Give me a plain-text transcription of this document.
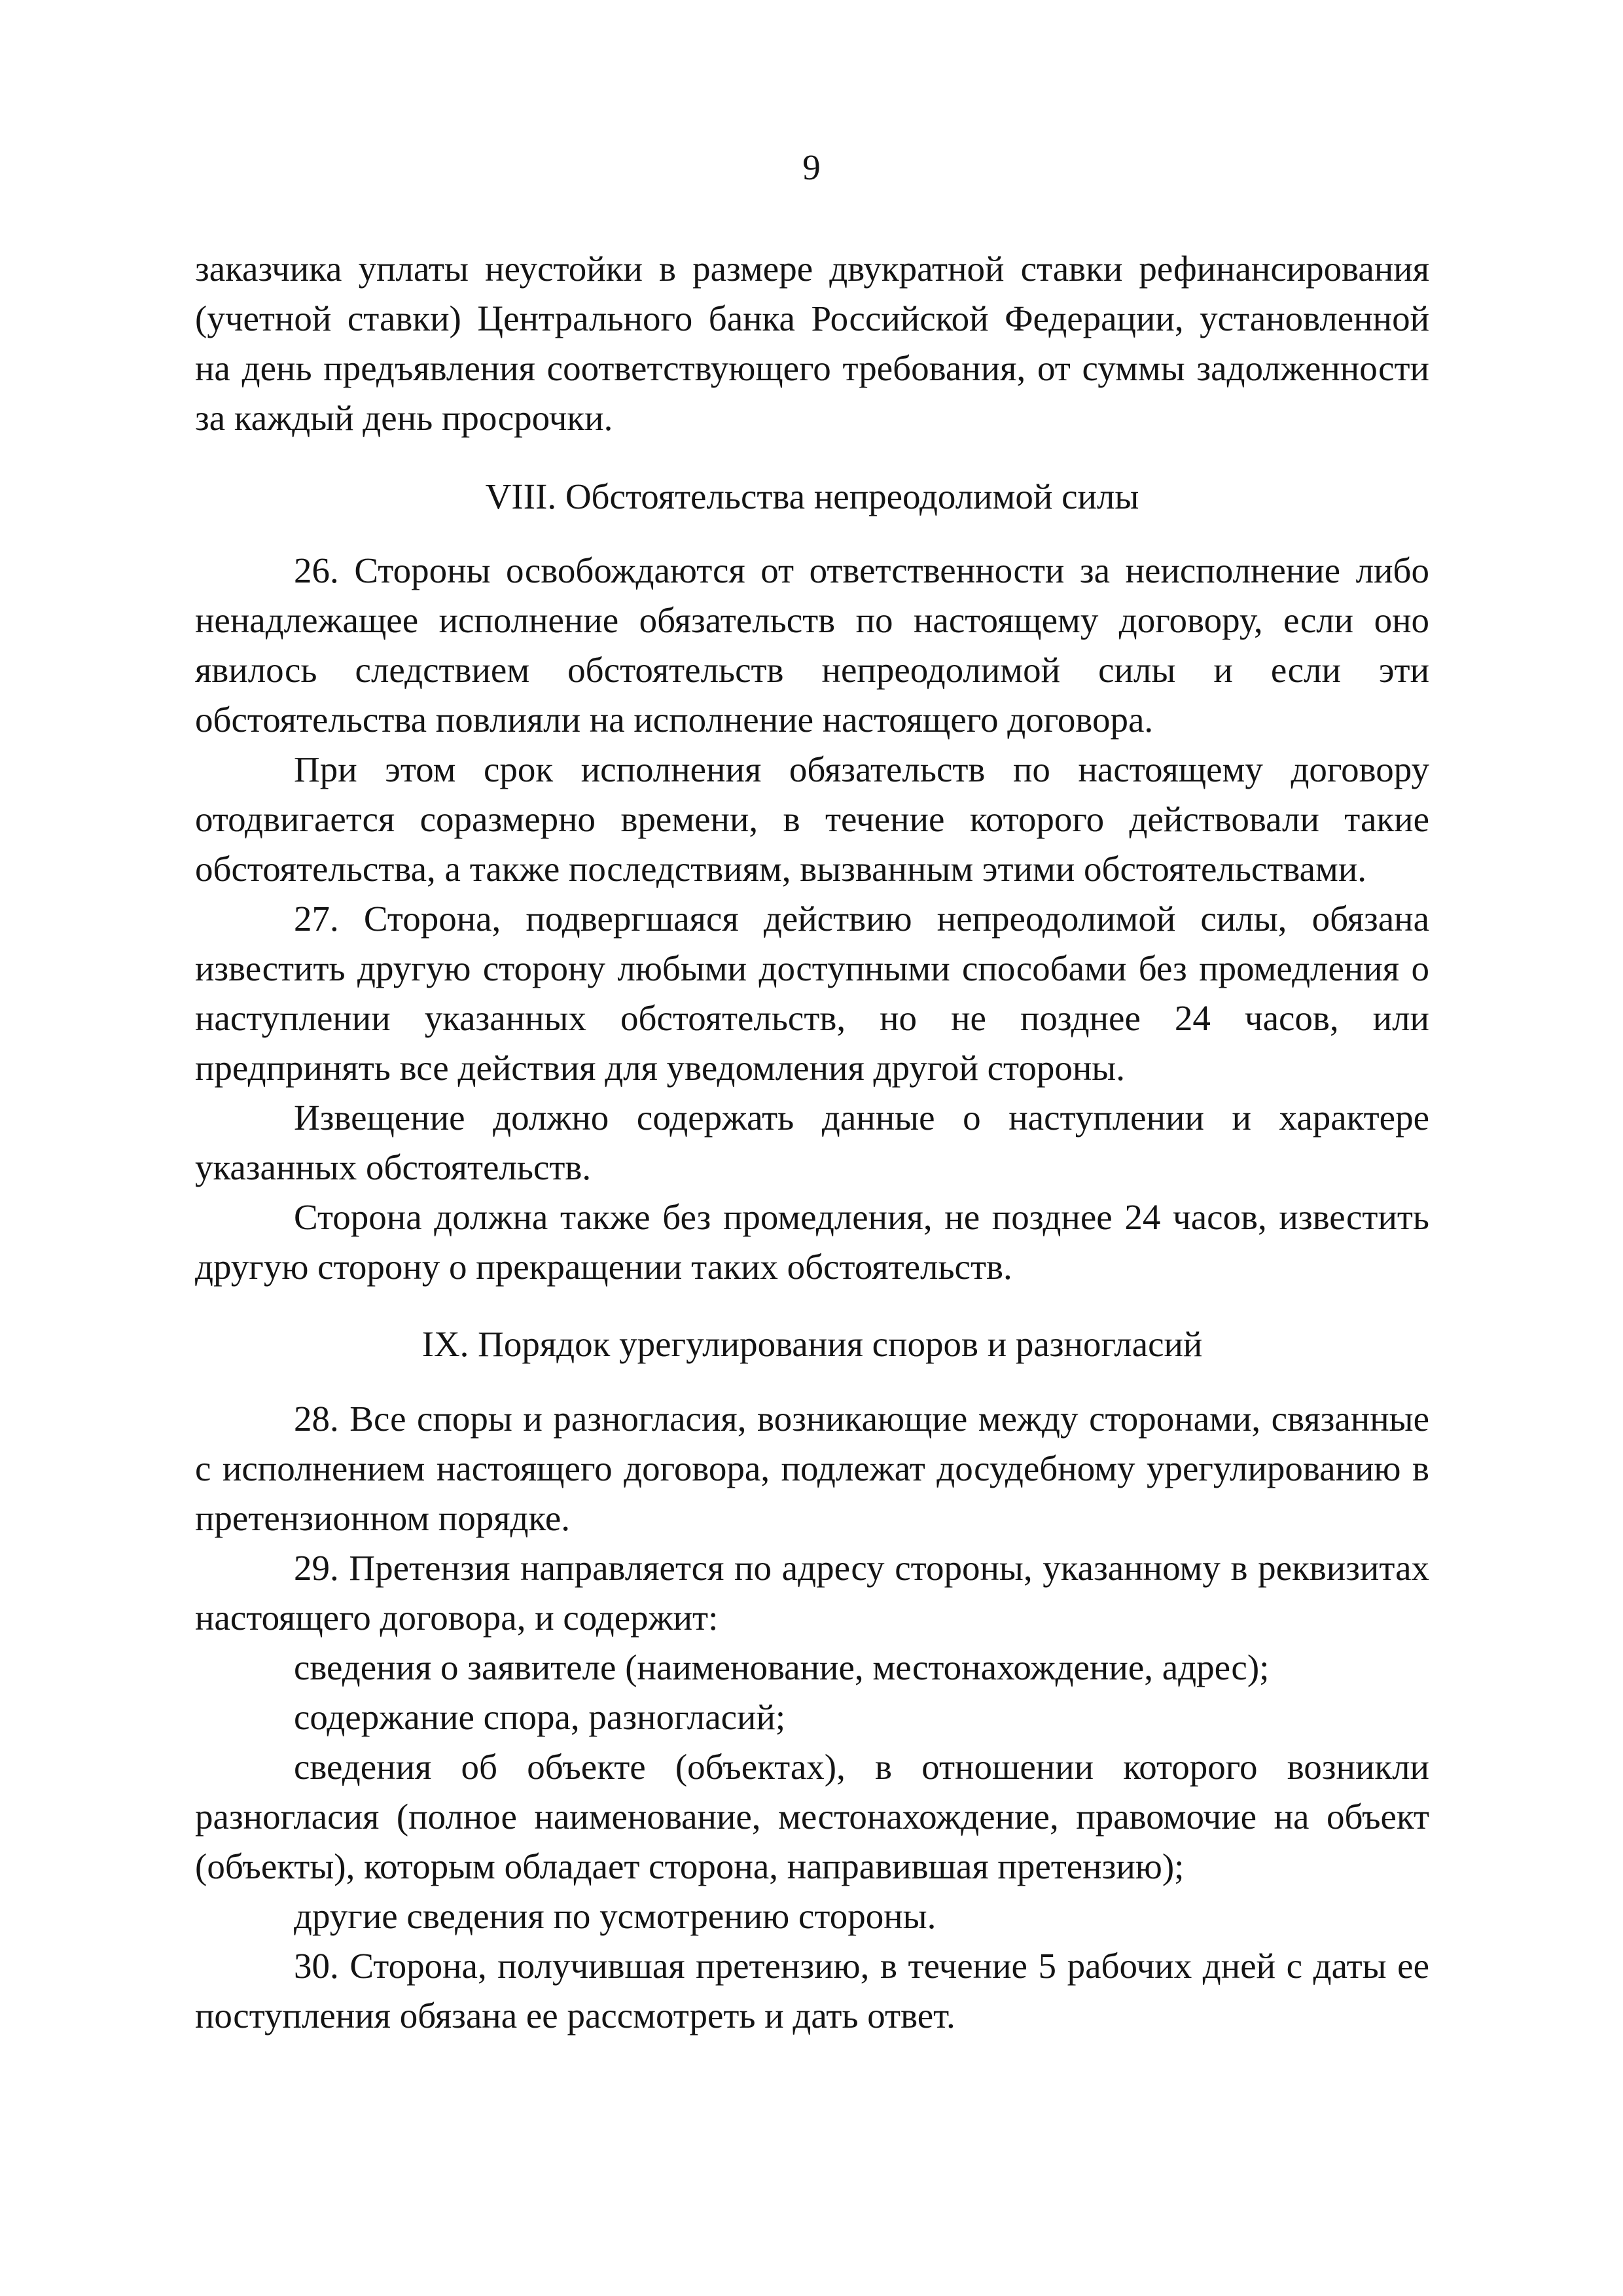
9

заказчика уплаты неустойки в размере двукратной ставки рефинансирования (учетной ставки) Центрального банка Российской Федерации, установленной на день предъявления соответствующего требования, от суммы задолженности за каждый день просрочки.

VIII. Обстоятельства непреодолимой силы

26. Стороны освобождаются от ответственности за неисполнение либо ненадлежащее исполнение обязательств по настоящему договору, если оно явилось следствием обстоятельств непреодолимой силы и если эти обстоятельства повлияли на исполнение настоящего договора.

При этом срок исполнения обязательств по настоящему договору отодвигается соразмерно времени, в течение которого действовали такие обстоятельства, а также последствиям, вызванным этими обстоятельствами.

27. Сторона, подвергшаяся действию непреодолимой силы, обязана известить другую сторону любыми доступными способами без промедления о наступлении указанных обстоятельств, но не позднее 24 часов, или предпринять все действия для уведомления другой стороны.

Извещение должно содержать данные о наступлении и характере указанных обстоятельств.

Сторона должна также без промедления, не позднее 24 часов, известить другую сторону о прекращении таких обстоятельств.

IX. Порядок урегулирования споров и разногласий

28. Все споры и разногласия, возникающие между сторонами, связанные с исполнением настоящего договора, подлежат досудебному урегулированию в претензионном порядке.

29. Претензия направляется по адресу стороны, указанному в реквизитах настоящего договора, и содержит:

сведения о заявителе (наименование, местонахождение, адрес);

содержание спора, разногласий;

сведения об объекте (объектах), в отношении которого возникли разногласия (полное наименование, местонахождение, правомочие на объект (объекты), которым обладает сторона, направившая претензию);

другие сведения по усмотрению стороны.

30. Сторона, получившая претензию, в течение 5 рабочих дней с даты ее поступления обязана ее рассмотреть и дать ответ.
